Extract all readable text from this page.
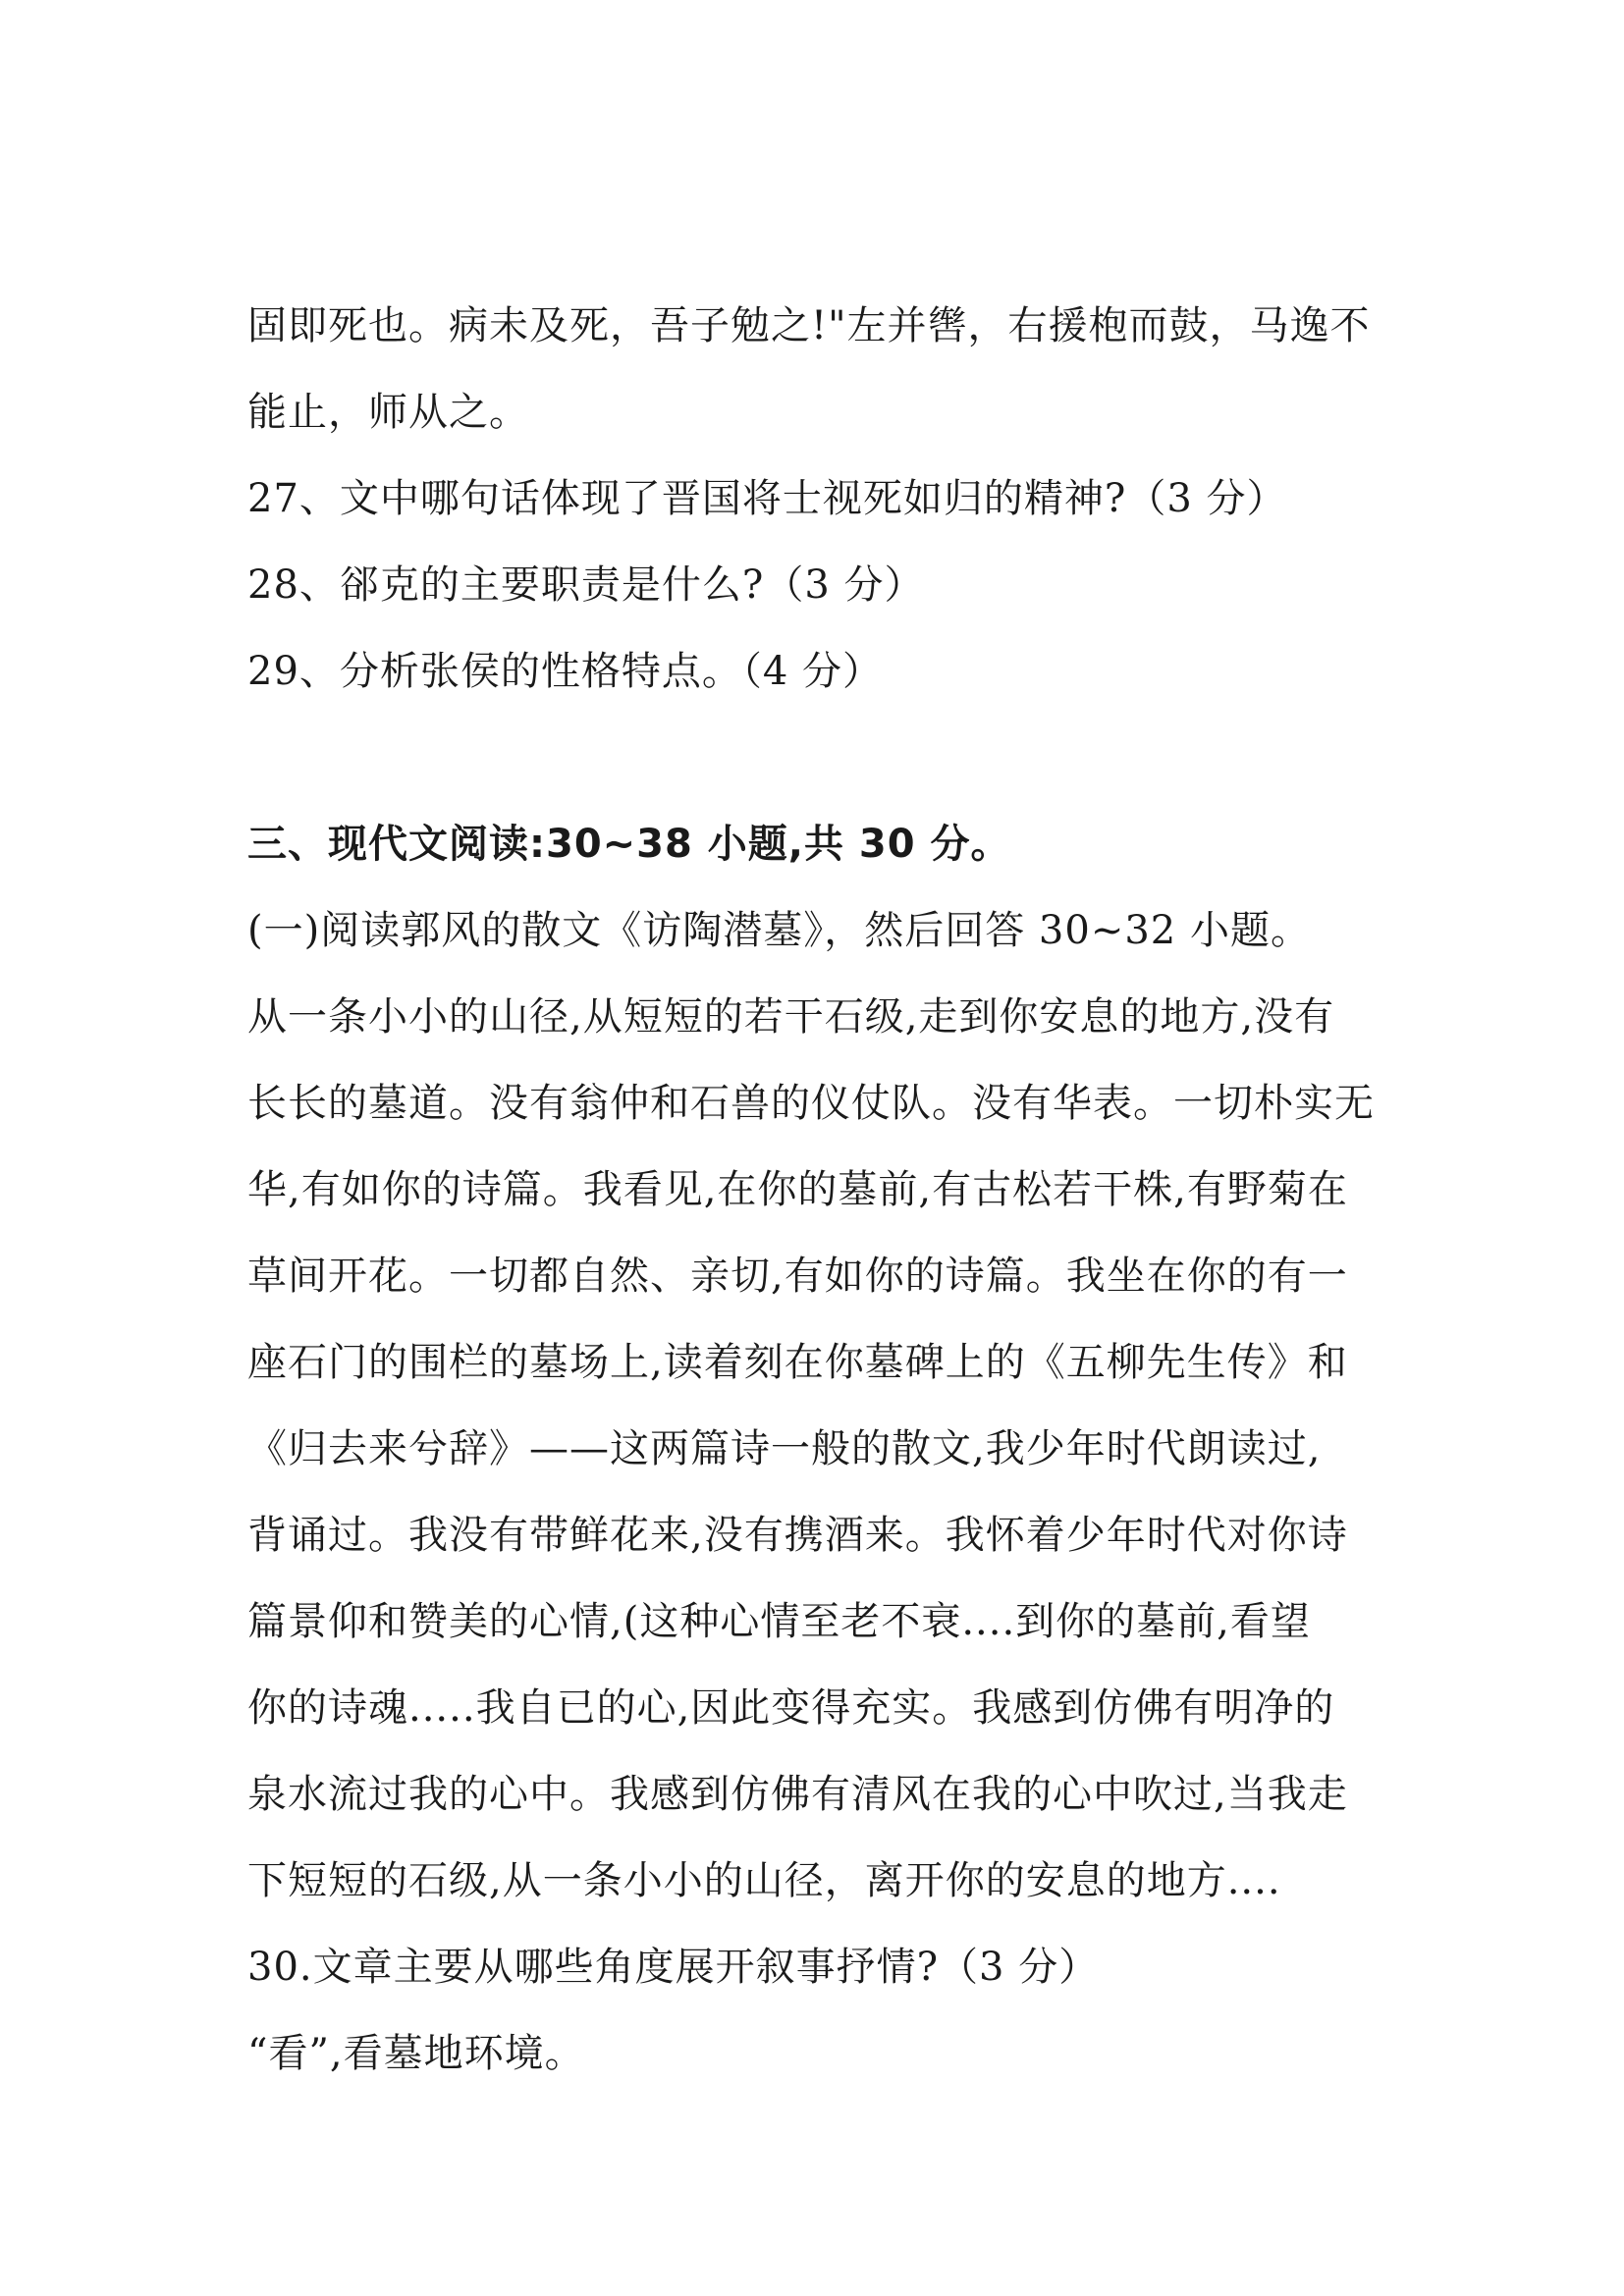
固即死也。病未及死，吾子勉之!"左并辔，右援枹而鼓，马逸不
能止，师从之。
27、文中哪句话体现了晋国将士视死如归的精神?（3 分）
28、郤克的主要职责是什么?（3 分）
29、分析张侯的性格特点。（4 分）
三、现代文阅读:30~38 小题,共 30 分。
(一)阅读郭风的散文《访陶潜墓》，然后回答 30~32 小题。
从一条小小的山径,从短短的若干石级,走到你安息的地方,没有
长长的墓道。没有翁仲和石兽的仪仗队。没有华表。一切朴实无
华,有如你的诗篇。我看见,在你的墓前,有古松若干株,有野菊在
草间开花。一切都自然、亲切,有如你的诗篇。我坐在你的有一
座石门的围栏的墓场上,读着刻在你墓碑上的《五柳先生传》和
《归去来兮辞》——这两篇诗一般的散文,我少年时代朗读过,
背诵过。我没有带鲜花来,没有携酒来。我怀着少年时代对你诗
篇景仰和赞美的心情,(这种心情至老不衰....到你的墓前,看望
你的诗魂.....我自已的心,因此变得充实。我感到仿佛有明净的
泉水流过我的心中。我感到仿佛有清风在我的心中吹过,当我走
下短短的石级,从一条小小的山径，离开你的安息的地方....
30.文章主要从哪些角度展开叙事抒情?（3 分）
“看”,看墓地环境。
